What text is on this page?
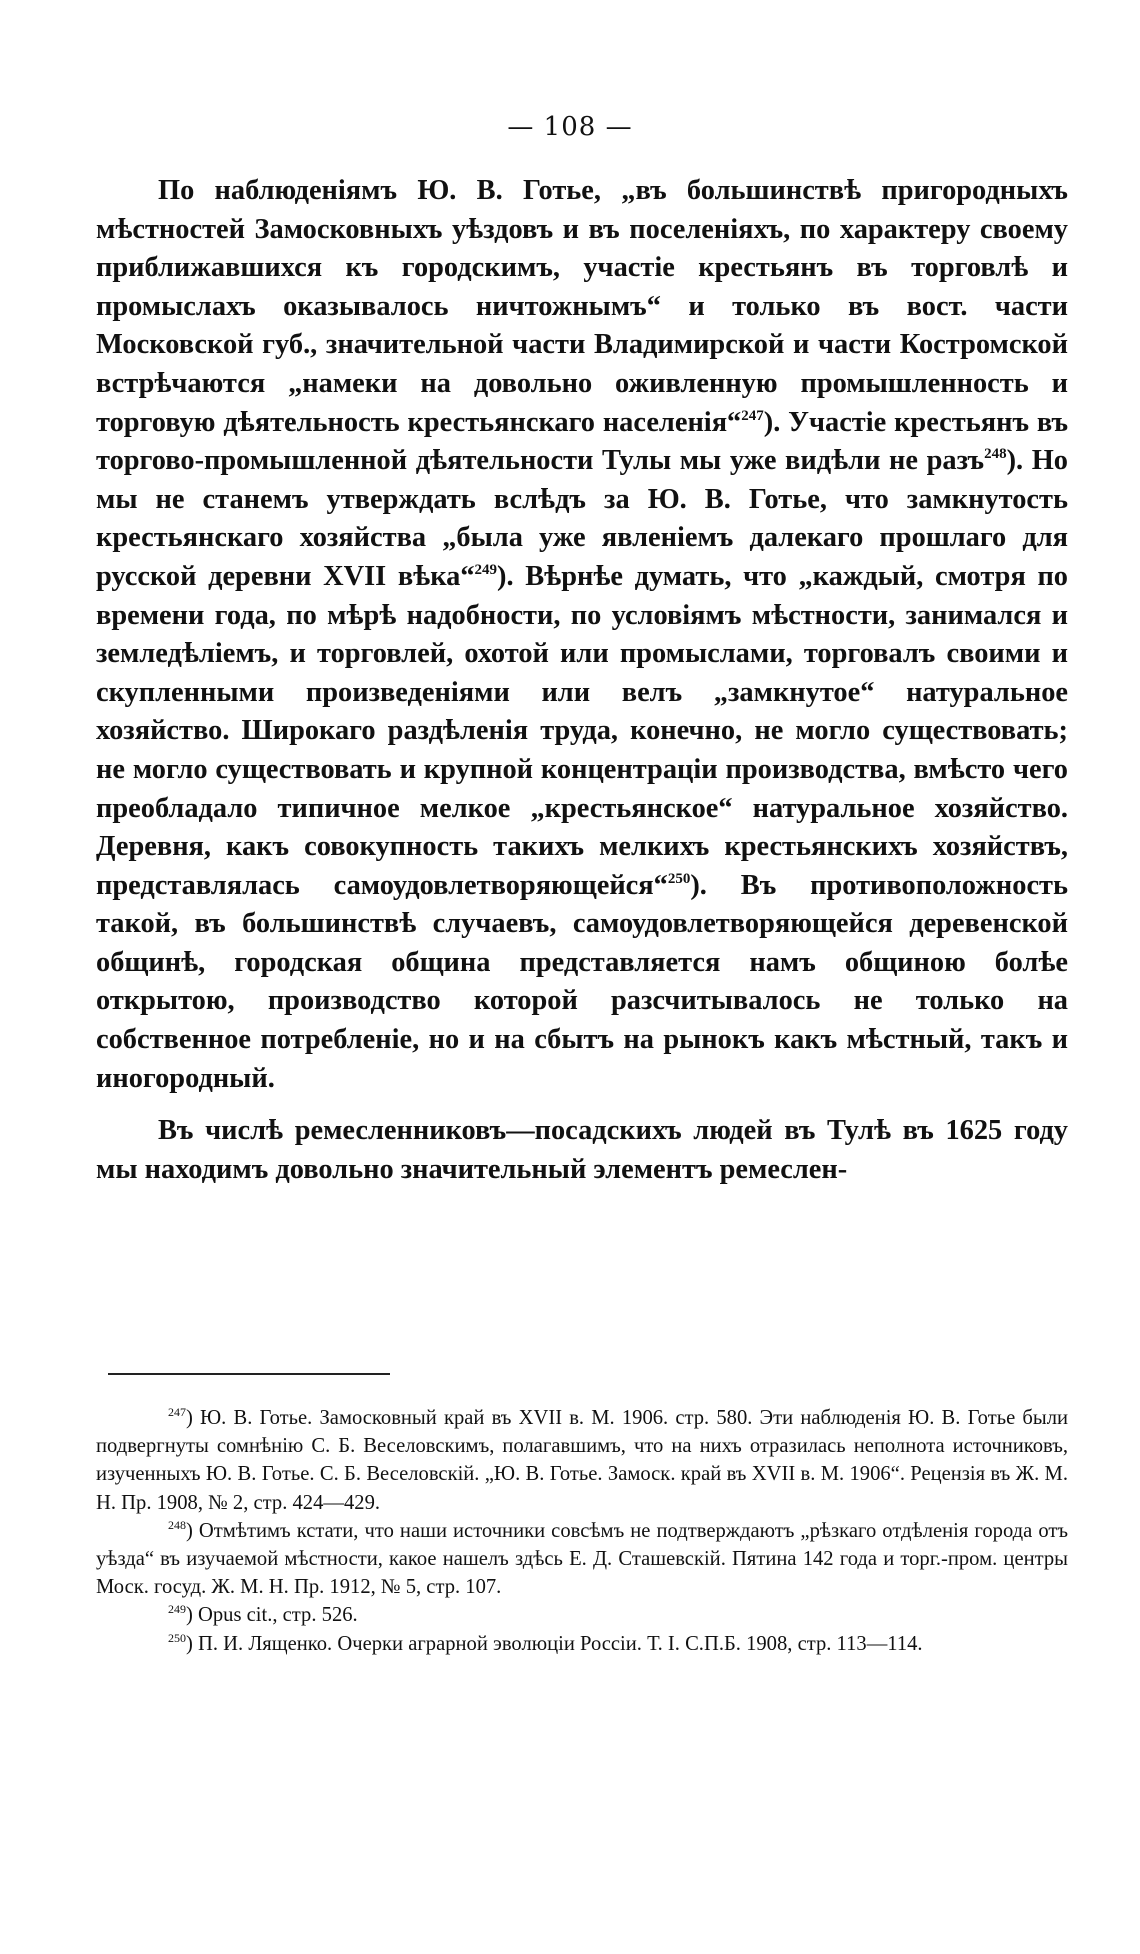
— 108 —

По наблюденіямъ Ю. В. Готье, „въ большинствѣ пригородныхъ мѣстностей Замосковныхъ уѣздовъ и въ поселеніяхъ, по характеру своему приближавшихся къ городскимъ, участіе крестьянъ въ торговлѣ и промыслахъ оказывалось ничтожнымъ“ и только въ вост. части Московской губ., значительной части Владимирской и части Костромской встрѣчаются „намеки на довольно оживленную промышленность и торговую дѣятельность крестьянскаго населенія“$^{247}$). Участіе крестьянъ въ торгово-промышленной дѣятельности Тулы мы уже видѣли не разъ$^{248}$). Но мы не станемъ утверждать вслѣдъ за Ю. В. Готье, что замкнутость крестьянскаго хозяйства „была уже явленіемъ далекаго прошлаго для русской деревни XVII вѣка“$^{249}$). Вѣрнѣе думать, что „каждый, смотря по времени года, по мѣрѣ надобности, по условіямъ мѣстности, занимался и земледѣліемъ, и торговлей, охотой или промыслами, торговалъ своими и скупленными произведеніями или велъ „замкнутое“ натуральное хозяйство. Широкаго раздѣленія труда, конечно, не могло существовать; не могло существовать и крупной концентраціи производства, вмѣсто чего преобладало типичное мелкое „крестьянское“ натуральное хозяйство. Деревня, какъ совокупность такихъ мелкихъ крестьянскихъ хозяйствъ, представлялась самоудовлетворяющейся“$^{250}$). Въ противоположность такой, въ большинствѣ случаевъ, самоудовлетворяющейся деревенской общинѣ, городская община представляется намъ общиною болѣе открытою, производство которой разсчитывалось не только на собственное потребленіе, но и на сбытъ на рынокъ какъ мѣстный, такъ и иногородный.

Въ числѣ ремесленниковъ—посадскихъ людей въ Тулѣ въ 1625 году мы находимъ довольно значительный элементъ ремеслен-

$^{247}$) Ю. В. Готье. Замосковный край въ XVII в. М. 1906. стр. 580. Эти наблюденія Ю. В. Готье были подвергнуты сомнѣнію С. Б. Веселовскимъ, полагавшимъ, что на нихъ отразилась неполнота источниковъ, изученныхъ Ю. В. Готье. С. Б. Веселовскій. „Ю. В. Готье. Замоск. край въ XVII в. М. 1906“. Рецензія въ Ж. М. Н. Пр. 1908, № 2, стр. 424—429.

$^{248}$) Отмѣтимъ кстати, что наши источники совсѣмъ не подтверждаютъ „рѣзкаго отдѣленія города отъ уѣзда“ въ изучаемой мѣстности, какое нашелъ здѣсь Е. Д. Сташевскій. Пятина 142 года и торг.-пром. центры Моск. госуд. Ж. М. Н. Пр. 1912, № 5, стр. 107.

$^{249}$) Opus cit., стр. 526.

$^{250}$) П. И. Лященко. Очерки аграрной эволюціи Россіи. Т. I. С.П.Б. 1908, стр. 113—114.
